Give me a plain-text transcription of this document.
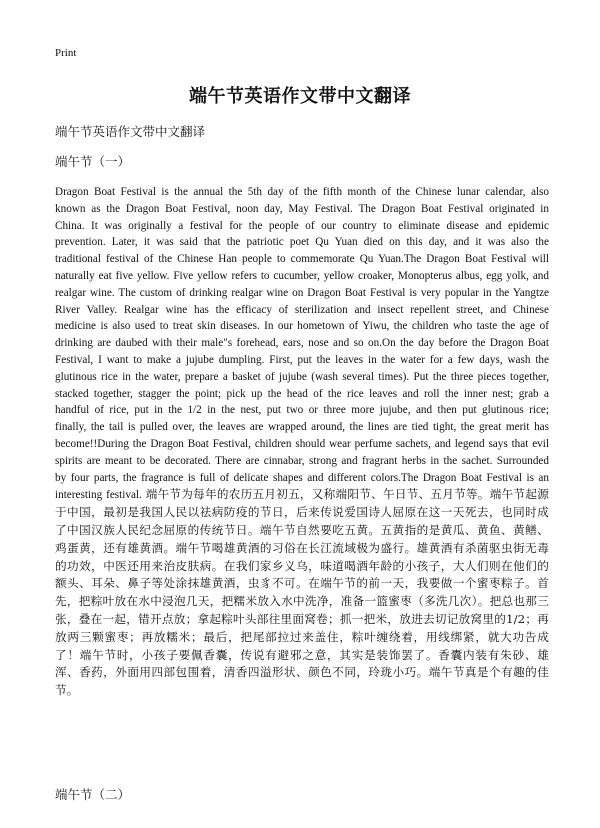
Print
端午节英语作文带中文翻译
端午节英语作文带中文翻译
端午节（一）
Dragon Boat Festival is the annual the 5th day of the fifth month of the Chinese lunar calendar, also known as the Dragon Boat Festival, noon day, May Festival. The Dragon Boat Festival originated in China. It was originally a festival for the people of our country to eliminate disease and epidemic prevention. Later, it was said that the patriotic poet Qu Yuan died on this day, and it was also the traditional festival of the Chinese Han people to commemorate Qu Yuan.The Dragon Boat Festival will naturally eat five yellow. Five yellow refers to cucumber, yellow croaker, Monopterus albus, egg yolk, and realgar wine. The custom of drinking realgar wine on Dragon Boat Festival is very popular in the Yangtze River Valley. Realgar wine has the efficacy of sterilization and insect repellent street, and Chinese medicine is also used to treat skin diseases. In our hometown of Yiwu, the children who taste the age of drinking are daubed with their male"s forehead, ears, nose and so on.On the day before the Dragon Boat Festival, I want to make a jujube dumpling. First, put the leaves in the water for a few days, wash the glutinous rice in the water, prepare a basket of jujube (wash several times). Put the three pieces together, stacked together, stagger the point; pick up the head of the rice leaves and roll the inner nest; grab a handful of rice, put in the 1/2 in the nest, put two or three more jujube, and then put glutinous rice; finally, the tail is pulled over, the leaves are wrapped around, the lines are tied tight, the great merit has become!!During the Dragon Boat Festival, children should wear perfume sachets, and legend says that evil spirits are meant to be decorated. There are cinnabar, strong and fragrant herbs in the sachet. Surrounded by four parts, the fragrance is full of delicate shapes and different colors.The Dragon Boat Festival is an interesting festival. 端午节为每年的农历五月初五，又称端阳节、午日节、五月节等。端午节起源于中国，最初是我国人民以祛病防疫的节日，后来传说爱国诗人屈原在这一天死去，也同时成了中国汉族人民纪念屈原的传统节日。端午节自然要吃五黄。五黄指的是黄瓜、黄鱼、黄鳝、鸡蛋黄，还有雄黄酒。端午节喝雄黄酒的习俗在长江流域极为盛行。雄黄酒有杀菌驱虫街无毒的功效，中医还用来治皮肤病。在我们家乡义乌，味道喝酒年龄的小孩子，大人们则在他们的额头、耳朵、鼻子等处涂抹雄黄酒，虫豸不可。在端午节的前一天，我要做一个蜜枣粽子。首先，把粽叶放在水中浸泡几天，把糯米放入水中洗净，准备一篮蜜枣（多洗几次）。把总也那三张，叠在一起，错开点放；拿起粽叶头部往里面窝卷；抓一把米，放进去切记放窝里的1/2；再放两三颗蜜枣；再放糯米；最后，把尾部拉过来盖住，粽叶缠绕着，用线绑紧，就大功告成了！端午节时，小孩子要佩香囊，传说有避邪之意，其实是装饰罢了。香囊内装有朱砂、雄浑、香药，外面用四部包围着，清香四溢形状、颜色不同，玲珑小巧。端午节真是个有趣的佳节。
端午节（二）
